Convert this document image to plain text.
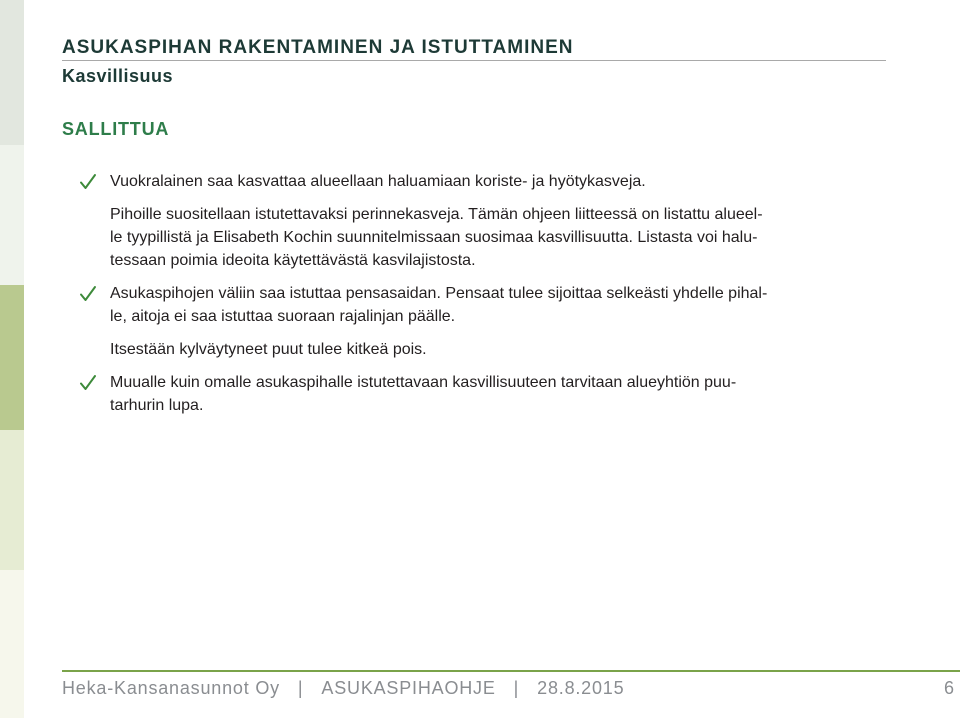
ASUKASPIHAN RAKENTAMINEN JA ISTUTTAMINEN
Kasvillisuus
SALLITTUA
Vuokralainen saa kasvattaa alueellaan haluamiaan koriste- ja hyötykasveja.
Pihoille suositellaan istutettavaksi perinnekasveja. Tämän ohjeen liitteessä on listattu alueel-
le tyypillistä ja Elisabeth Kochin suunnitelmissaan suosimaa kasvillisuutta. Listasta voi halu-
tessaan poimia ideoita käytettävästä kasvilajistosta.
Asukaspihojen väliin saa istuttaa pensasaidan. Pensaat tulee sijoittaa selkeästi yhdelle pihal-
le, aitoja ei saa istuttaa suoraan rajalinjan päälle.
Itsestään kylväytyneet puut tulee kitkeä pois.
Muualle kuin omalle asukaspihalle istutettavaan kasvillisuuteen tarvitaan alueyhtiön puu-
tarhurin lupa.
Heka-Kansanasunnot Oy | ASUKASPIHAOHJE | 28.8.2015	6
